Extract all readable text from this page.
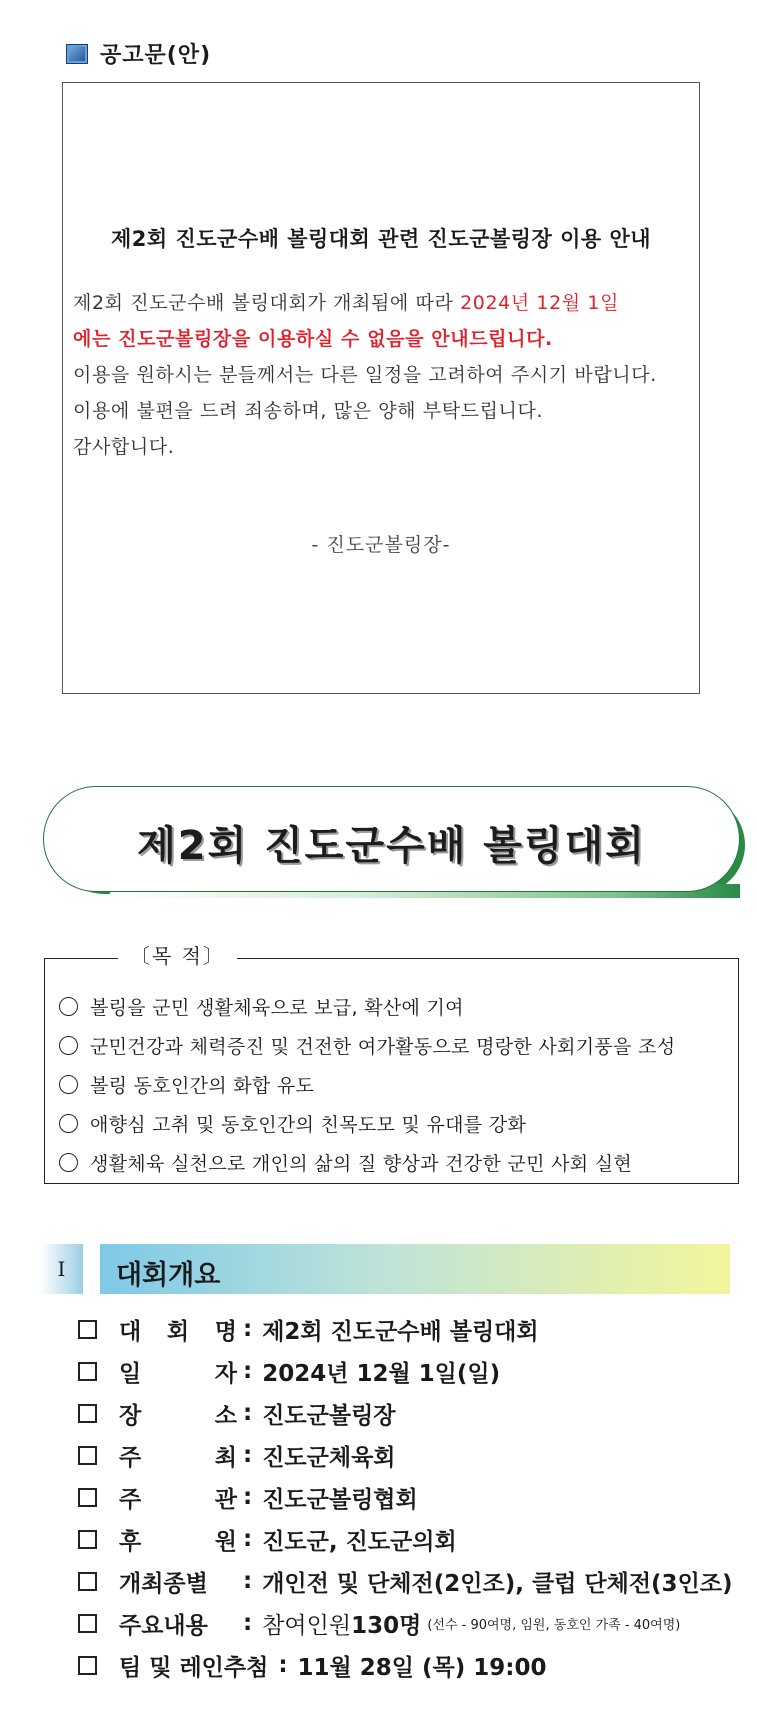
공고문(안)
제2회 진도군수배 볼링대회 관련 진도군볼링장 이용 안내

제2회 진도군수배 볼링대회가 개최됨에 따라 2024년 12월 1일
에는 진도군볼링장을 이용하실 수 없음을 안내드립니다.

이용을 원하시는 분들께서는 다른 일정을 고려하여 주시기 바랍니다.

이용에 불편을 드려 죄송하며, 많은 양해 부탁드립니다.

감사합니다.

- 진도군볼링장-
제2회 진도군수배 볼링대회
볼링을 군민 생활체육으로 보급, 확산에 기여
군민건강과 체력증진 및 건전한 여가활동으로 명랑한 사회기풍을 조성
볼링 동호인간의 화합 유도
애향심 고취 및 동호인간의 친목도모 및 유대를 강화
생활체육 실천으로 개인의 삶의 질 향상과 건강한 군민 사회 실현
〔목 적〕
I	대회개요
대 회 명 : 제2회 진도군수배 볼링대회
일	자 : 2024년 12월 1일(일)
장	소 : 진도군볼링장
주	최 : 진도군체육회
주	관 : 진도군볼링협회
후	원 : 진도군, 진도군의회
개최종별 : 개인전 및 단체전(2인조), 클럽 단체전(3인조)
주요내용	: 참여인원 130명 (선수 - 90여명, 임원, 동호인 가족 - 40여명)
팀 및 레인추첨 : 11월 28일 (목) 19:00
